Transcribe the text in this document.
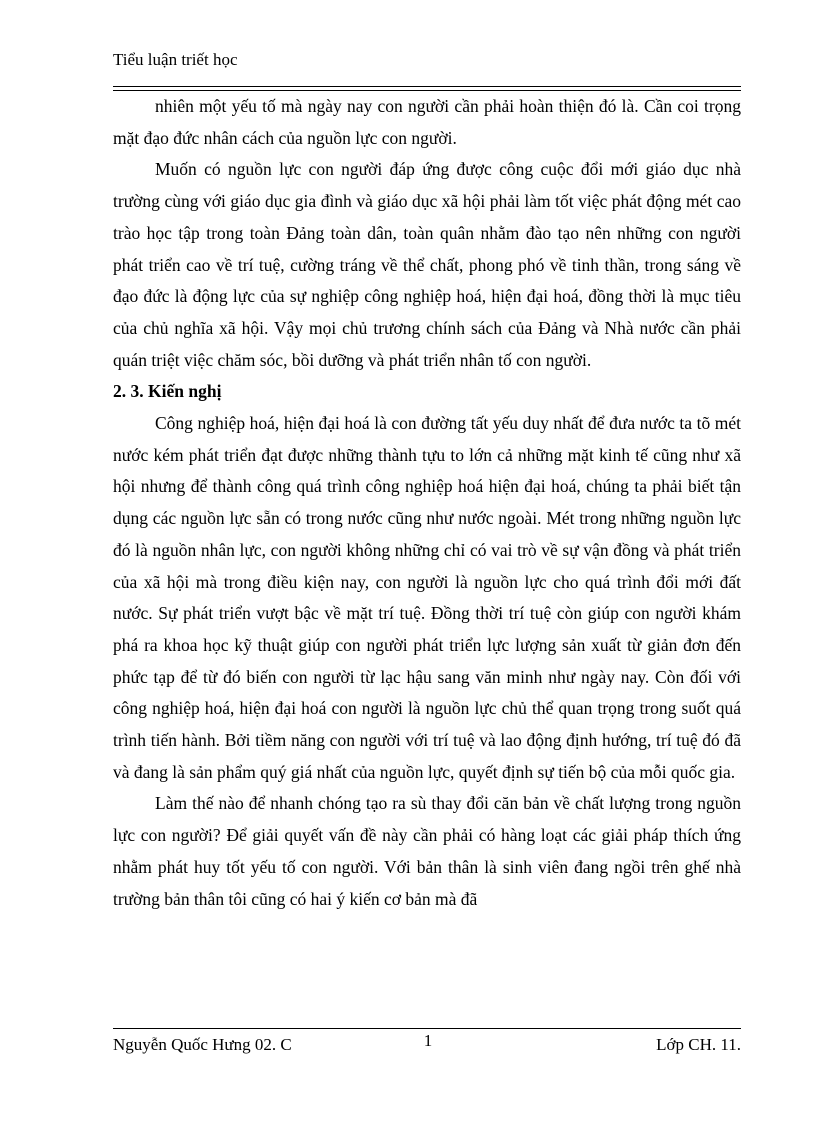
Tiểu luận triết học

nhiên một yếu tố mà ngày nay con người cần phải hoàn thiện đó là. Cần coi trọng mặt đạo đức nhân cách của nguồn lực con người.

Muốn có nguồn lực con người đáp ứng được công cuộc đổi mới giáo dục nhà trường cùng với giáo dục gia đình và giáo dục xã hội phải làm tốt việc phát động mét cao trào học tập trong toàn Đảng toàn dân, toàn quân nhằm đào tạo nên những con người phát triển cao về trí tuệ, cường tráng về thể chất, phong phó về tinh thần, trong sáng về đạo đức là động lực của sự nghiệp công nghiệp hoá, hiện đại hoá, đồng thời là mục tiêu của chủ nghĩa xã hội. Vậy mọi chủ trương chính sách của Đảng và Nhà nước cần phải quán triệt việc chăm sóc, bồi dưỡng và phát triển nhân tố con người.

2. 3. Kiến nghị

Công nghiệp hoá, hiện đại hoá là con đường tất yếu duy nhất để đưa nước ta tõ mét nước kém phát triển đạt được những thành tựu to lớn cả những mặt kinh tế cũng như xã hội nhưng để thành công quá trình công nghiệp hoá hiện đại hoá, chúng ta phải biết tận dụng các nguồn lực sẵn có trong nước cũng như nước ngoài. Mét trong những nguồn lực đó là nguồn nhân lực, con người không những chỉ có vai trò về sự vận đồng và phát triển của xã hội mà trong điều kiện nay, con người là nguồn lực cho quá trình đổi mới đất nước. Sự phát triển vượt bậc về mặt trí tuệ. Đồng thời trí tuệ còn giúp con người khám phá ra khoa học kỹ thuật giúp con người phát triển lực lượng sản xuất từ giản đơn đến phức tạp để từ đó biến con người từ lạc hậu sang văn minh như ngày nay. Còn đối với công nghiệp hoá, hiện đại hoá con người là nguồn lực chủ thể quan trọng trong suốt quá trình tiến hành. Bởi tiềm năng con người với trí tuệ và lao động định hướng, trí tuệ đó đã và đang là sản phẩm quý giá nhất của nguồn lực, quyết định sự tiến bộ của mỗi quốc gia.

Làm thế nào để nhanh chóng tạo ra sù thay đổi căn bản về chất lượng trong nguồn lực con người? Để giải quyết vấn đề này cần phải có hàng loạt các giải pháp thích ứng nhằm phát huy tốt yếu tố con người. Với bản thân là sinh viên đang ngồi trên ghế nhà trường bản thân tôi cũng có hai ý kiến cơ bản mà đã

Nguyễn Quốc Hưng 02. C	1	Lớp CH. 11.
